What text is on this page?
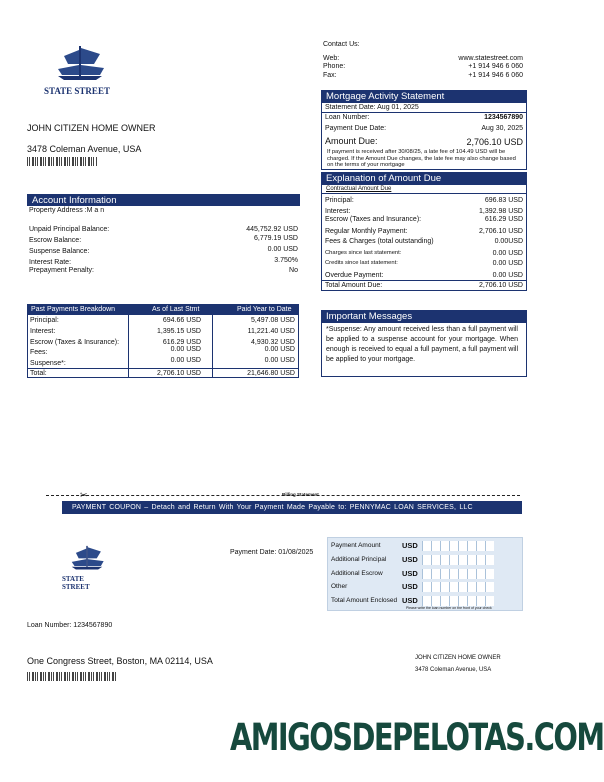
STATE STREET
Contact Us:
Web:	www.statestreet.com
Phone:	+1 914 946 6 060
Fax:	+1 914 946 6 060
JOHN CITIZEN HOME OWNER
3478 Coleman Avenue, USA
Mortgage Activity Statement
Statement Date: Aug 01, 2025
Loan Number:	1234567890
Payment Due Date:	Aug 30, 2025
Amount Due:	2,706.10 USD
If payment is received after 30/08/25, a late fee of 104.49 USD will be charged. If the Amount Due changes, the late fee may also change based on the terms of your mortgage
Explanation of Amount Due
Contractual Amount Due
Principal:	696.83 USD
Interest:	1,392.98 USD
Escrow (Taxes and Insurance):	616.29 USD
Regular Monthly Payment:	2,706.10 USD
Fees & Charges (total outstanding)	0.00USD
Charges since last statement:	0.00 USD
Credits since last statement:	0.00 USD
Overdue Payment:	0.00 USD
Total Amount Due:	2,706.10 USD
Account Information
Property Address :M a n
Unpaid Principal Balance:	445,752.92 USD
Escrow Balance:	6,779.19 USD
Suspense Balance:	0.00 USD
Interest Rate:	3.750%
Prepayment Penalty:	No
Past Payments Breakdown	As of Last Stmt	Paid Year to Date
Principal:	694.66 USD	5,497.08 USD
Interest:	1,395.15 USD	11,221.40 USD
Escrow (Taxes & Insurance):	616.29 USD	4,930.32 USD
Fees:	0.00 USD	0.00 USD
Suspense*:	0.00 USD	0.00 USD
Total:	2,706.10 USD	21,646.80 USD
Important Messages
*Suspense: Any amount received less than a full payment will be applied to a suspense account for your mortgage. When enough is received to equal a full payment, a full payment will be applied to your mortgage.
✂	Billing Statement
PAYMENT COUPON – Detach and Return With Your Payment Made Payable to: PENNYMAC LOAN SERVICES, LLC
STATE STREET
Payment Date: 01/08/2025
Payment Amount	USD
Additional Principal USD
Additional Escrow	USD
Other	USD
Total Amount Enclosed USD
Please write the loan number on the front of your check
Loan Number: 1234567890
One Congress Street, Boston, MA 02114, USA	JOHN CITIZEN HOME OWNER
3478 Coleman Avenue, USA
AMIGOSDEPELOTAS.COM
